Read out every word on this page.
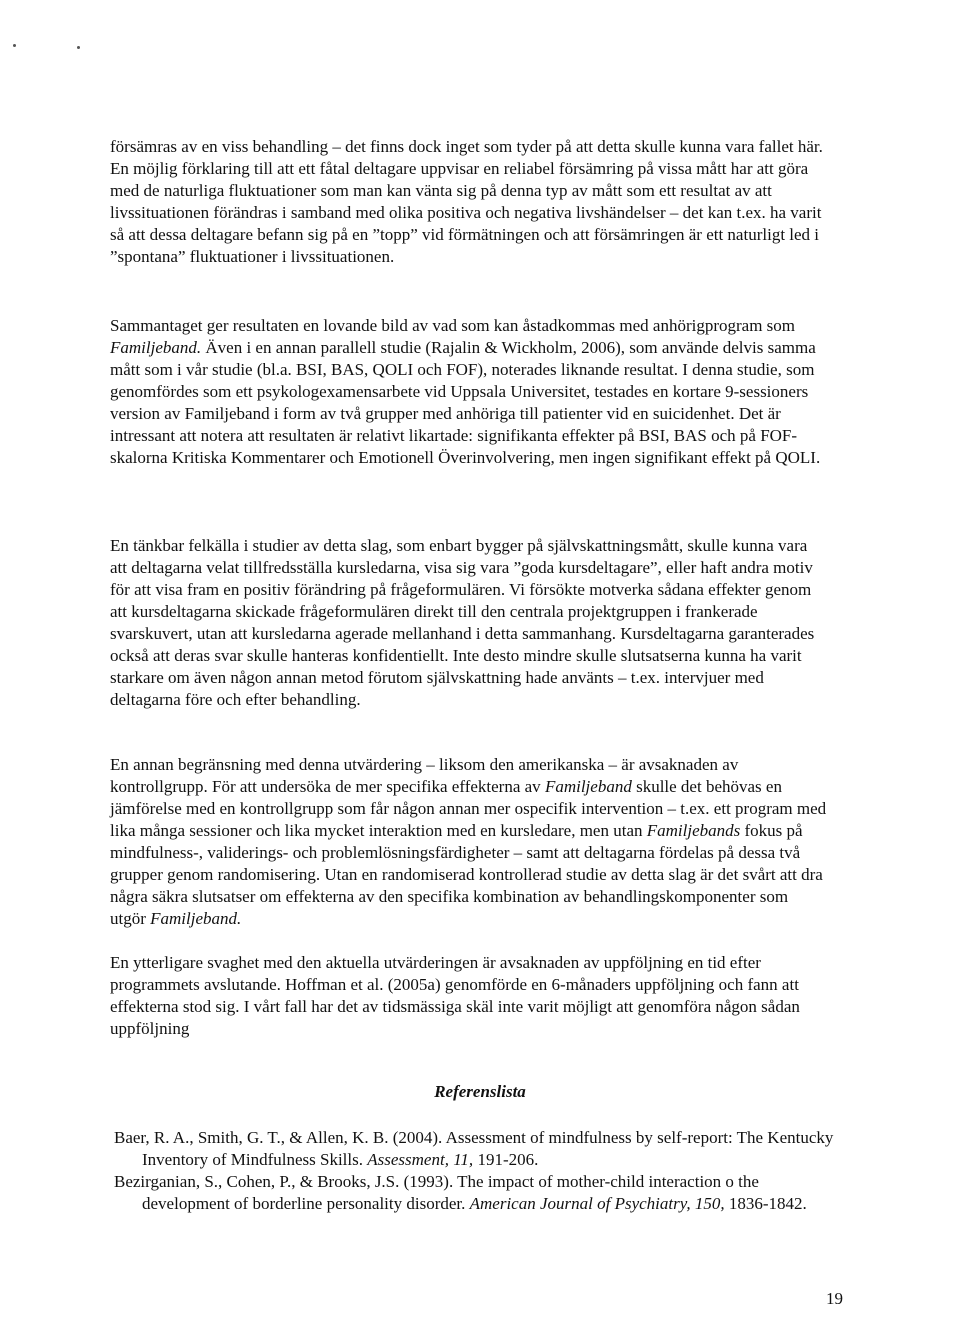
försämras av en viss behandling – det finns dock inget som tyder på att detta skulle kunna vara fallet här. En möjlig förklaring till att ett fåtal deltagare uppvisar en reliabel försämring på vissa mått har att göra med de naturliga fluktuationer som man kan vänta sig på denna typ av mått som ett resultat av att livssituationen förändras i samband med olika positiva och negativa livshändelser – det kan t.ex. ha varit så att dessa deltagare befann sig på en ”topp” vid förmätningen och att försämringen är ett naturligt led i ”spontana” fluktuationer i livssituationen.

Sammantaget ger resultaten en lovande bild av vad som kan åstadkommas med anhörigprogram som Familjeband. Även i en annan parallell studie (Rajalin & Wickholm, 2006), som använde delvis samma mått som i vår studie (bl.a. BSI, BAS, QOLI och FOF), noterades liknande resultat. I denna studie, som genomfördes som ett psykologexamensarbete vid Uppsala Universitet, testades en kortare 9-sessioners version av Familjeband i form av två grupper med anhöriga till patienter vid en suicidenhet. Det är intressant att notera att resultaten är relativt likartade: signifikanta effekter på BSI, BAS och på FOF-skalorna Kritiska Kommentarer och Emotionell Överinvolvering, men ingen signifikant effekt på QOLI.

En tänkbar felkälla i studier av detta slag, som enbart bygger på självskattningsmått, skulle kunna vara att deltagarna velat tillfredsställa kursledarna, visa sig vara ”goda kursdeltagare”, eller haft andra motiv för att visa fram en positiv förändring på frågeformulären. Vi försökte motverka sådana effekter genom att kursdeltagarna skickade frågeformulären direkt till den centrala projektgruppen i frankerade svarskuvert, utan att kursledarna agerade mellanhand i detta sammanhang. Kursdeltagarna garanterades också att deras svar skulle hanteras konfidentiellt. Inte desto mindre skulle slutsatserna kunna ha varit starkare om även någon annan metod förutom självskattning hade använts – t.ex. intervjuer med deltagarna före och efter behandling.

En annan begränsning med denna utvärdering – liksom den amerikanska – är avsaknaden av kontrollgrupp. För att undersöka de mer specifika effekterna av Familjeband skulle det behövas en jämförelse med en kontrollgrupp som får någon annan mer ospecifik intervention – t.ex. ett program med lika många sessioner och lika mycket interaktion med en kursledare, men utan Familjebands fokus på mindfulness-, validerings- och problemlösningsfärdigheter – samt att deltagarna fördelas på dessa två grupper genom randomisering. Utan en randomiserad kontrollerad studie av detta slag är det svårt att dra några säkra slutsatser om effekterna av den specifika kombination av behandlingskomponenter som utgör Familjeband.

En ytterligare svaghet med den aktuella utvärderingen är avsaknaden av uppföljning en tid efter programmets avslutande. Hoffman et al. (2005a) genomförde en 6-månaders uppföljning och fann att effekterna stod sig. I vårt fall har det av tidsmässiga skäl inte varit möjligt att genomföra någon sådan uppföljning

Referenslista
Baer, R. A., Smith, G. T., & Allen, K. B. (2004). Assessment of mindfulness by self-report: The Kentucky Inventory of Mindfulness Skills. Assessment, 11, 191-206.
Bezirganian, S., Cohen, P., & Brooks, J.S. (1993). The impact of mother-child interaction o the development of borderline personality disorder. American Journal of Psychiatry, 150, 1836-1842.

19
